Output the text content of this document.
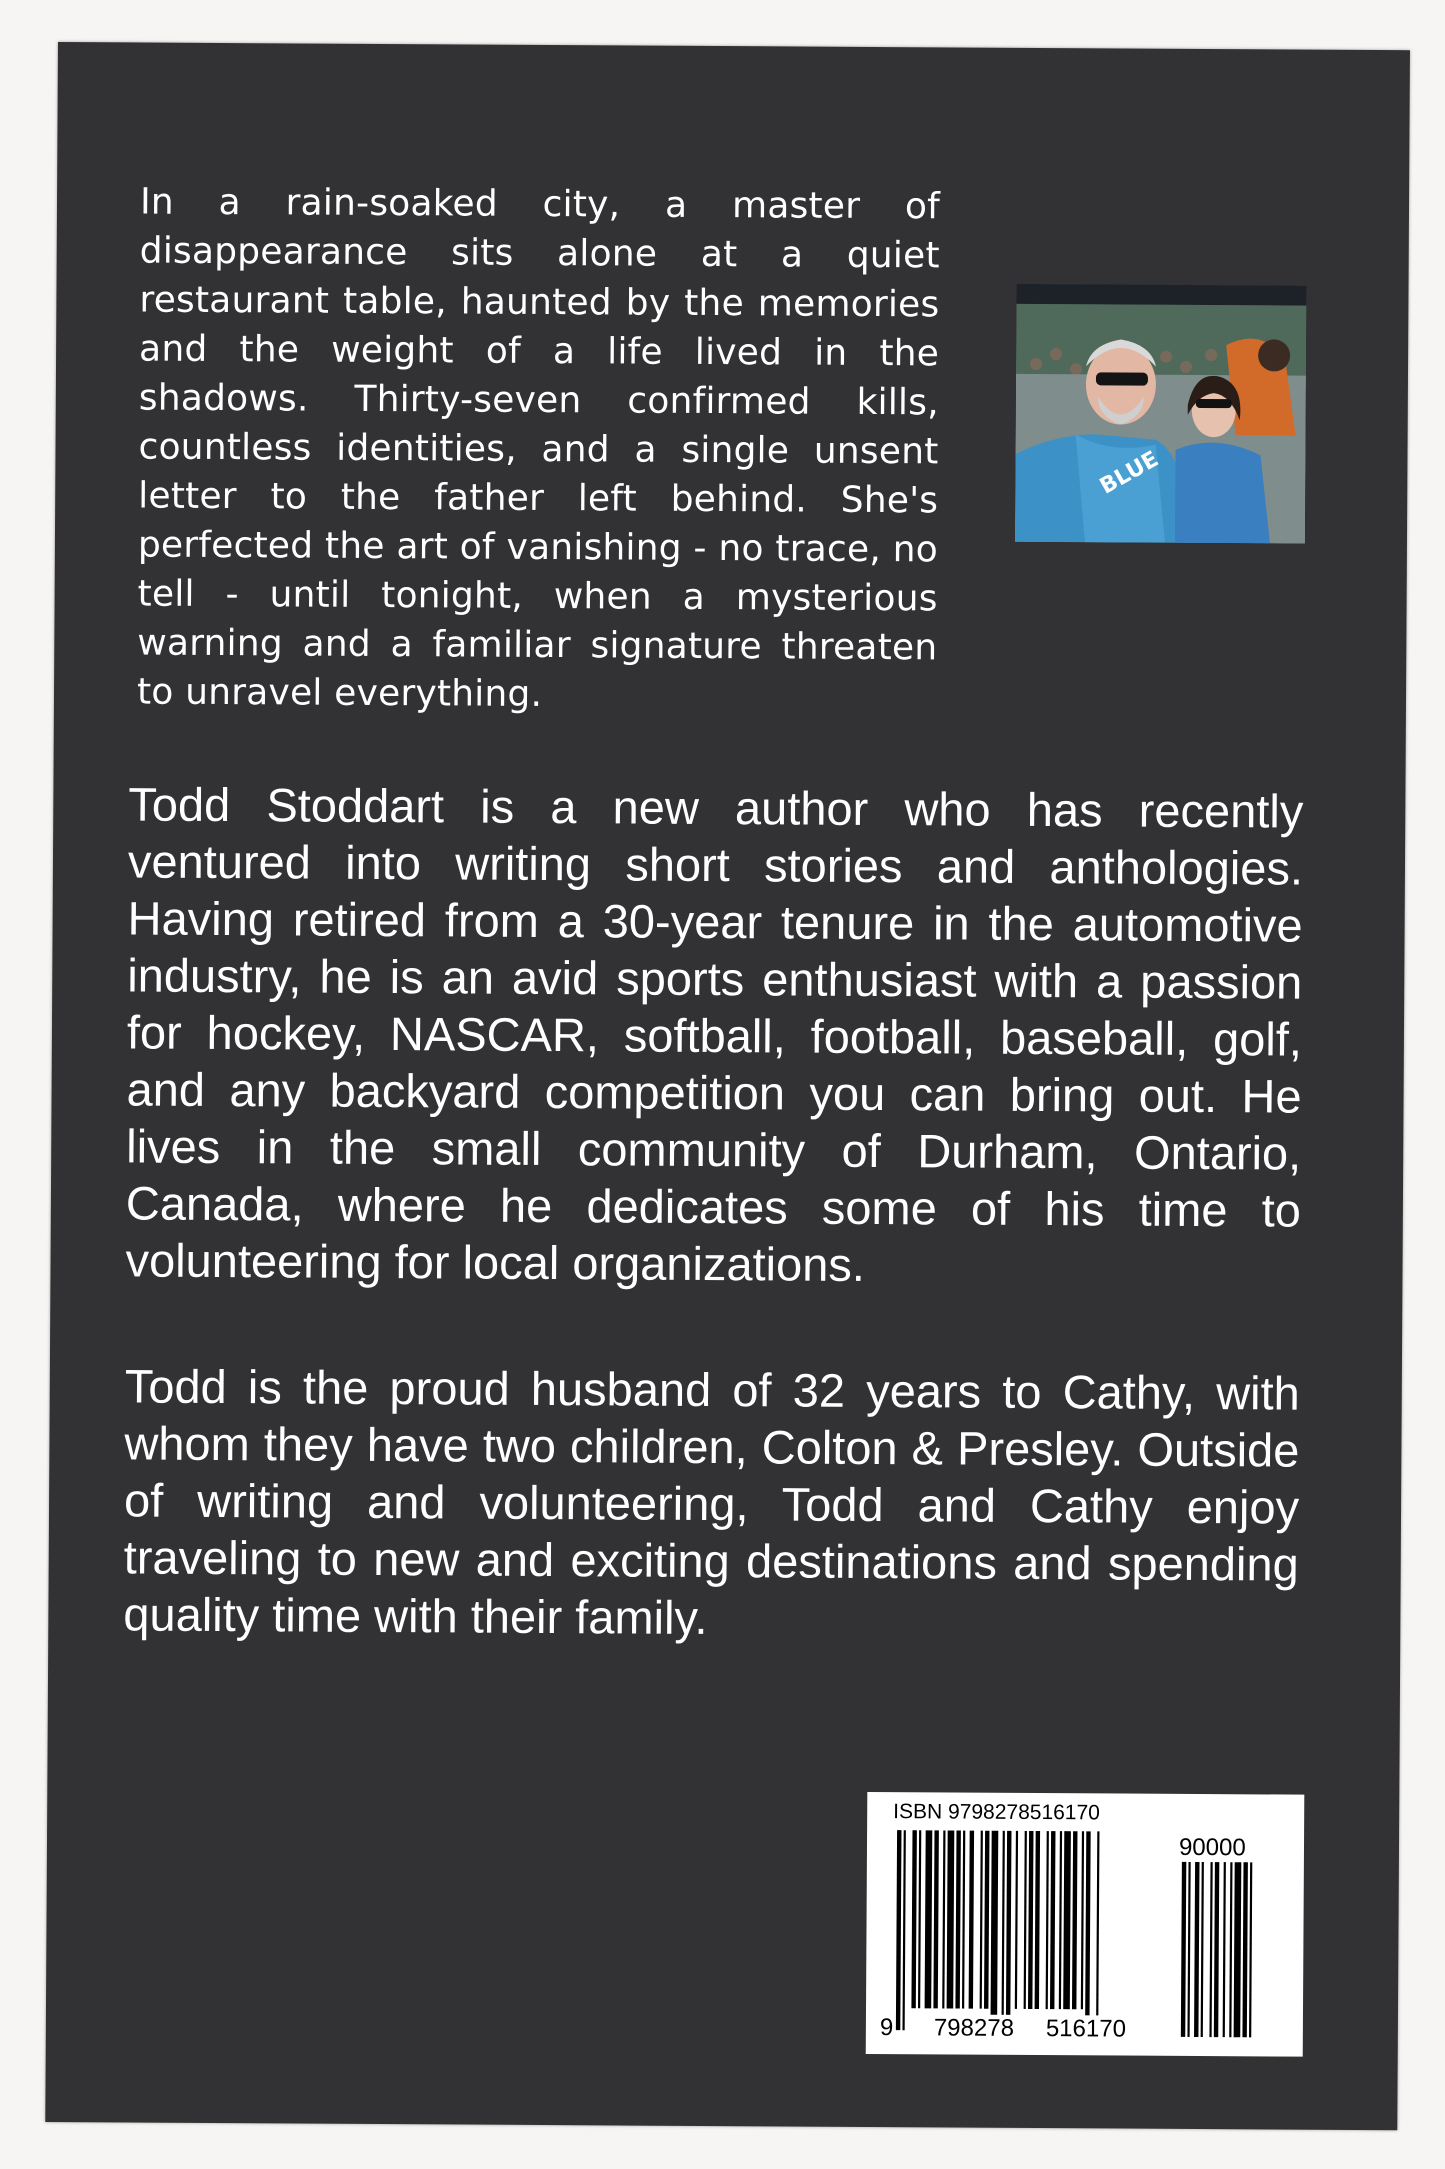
In a rain-soaked city, a master of disappearance sits alone at a quiet restaurant table, haunted by the memories and the weight of a life lived in the shadows. Thirty-seven confirmed kills, countless identities, and a single unsent letter to the father left behind. She's perfected the art of vanishing - no trace, no tell - until tonight, when a mysterious warning and a familiar signature threaten to unravel everything.

BLUE

Todd Stoddart is a new author who has recently ventured into writing short stories and anthologies. Having retired from a 30-year tenure in the automotive industry, he is an avid sports enthusiast with a passion for hockey, NASCAR, softball, football, baseball, golf, and any backyard competition you can bring out. He lives in the small community of Durham, Ontario, Canada, where he dedicates some of his time to volunteering for local organizations.

Todd is the proud husband of 32 years to Cathy, with whom they have two children, Colton & Presley. Outside of writing and volunteering, Todd and Cathy enjoy traveling to new and exciting destinations and spending quality time with their family.

ISBN 9798278516170
90000
9 798278 516170
